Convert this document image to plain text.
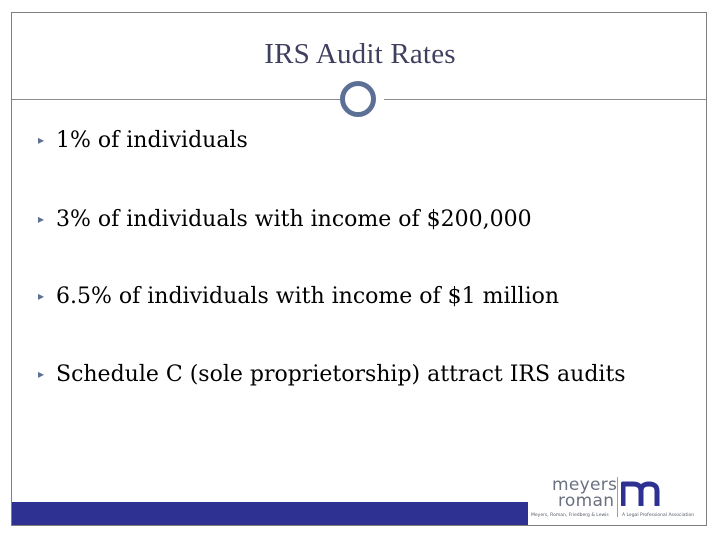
IRS Audit Rates
▸ 1% of individuals
▸ 3% of individuals with income of $200,000
▸ 6.5% of individuals with income of $1 million
▸ Schedule C (sole proprietorship) attract IRS audits
meyers
roman
Meyers, Roman, Friedberg & Lewis	A Legal Professional Association
